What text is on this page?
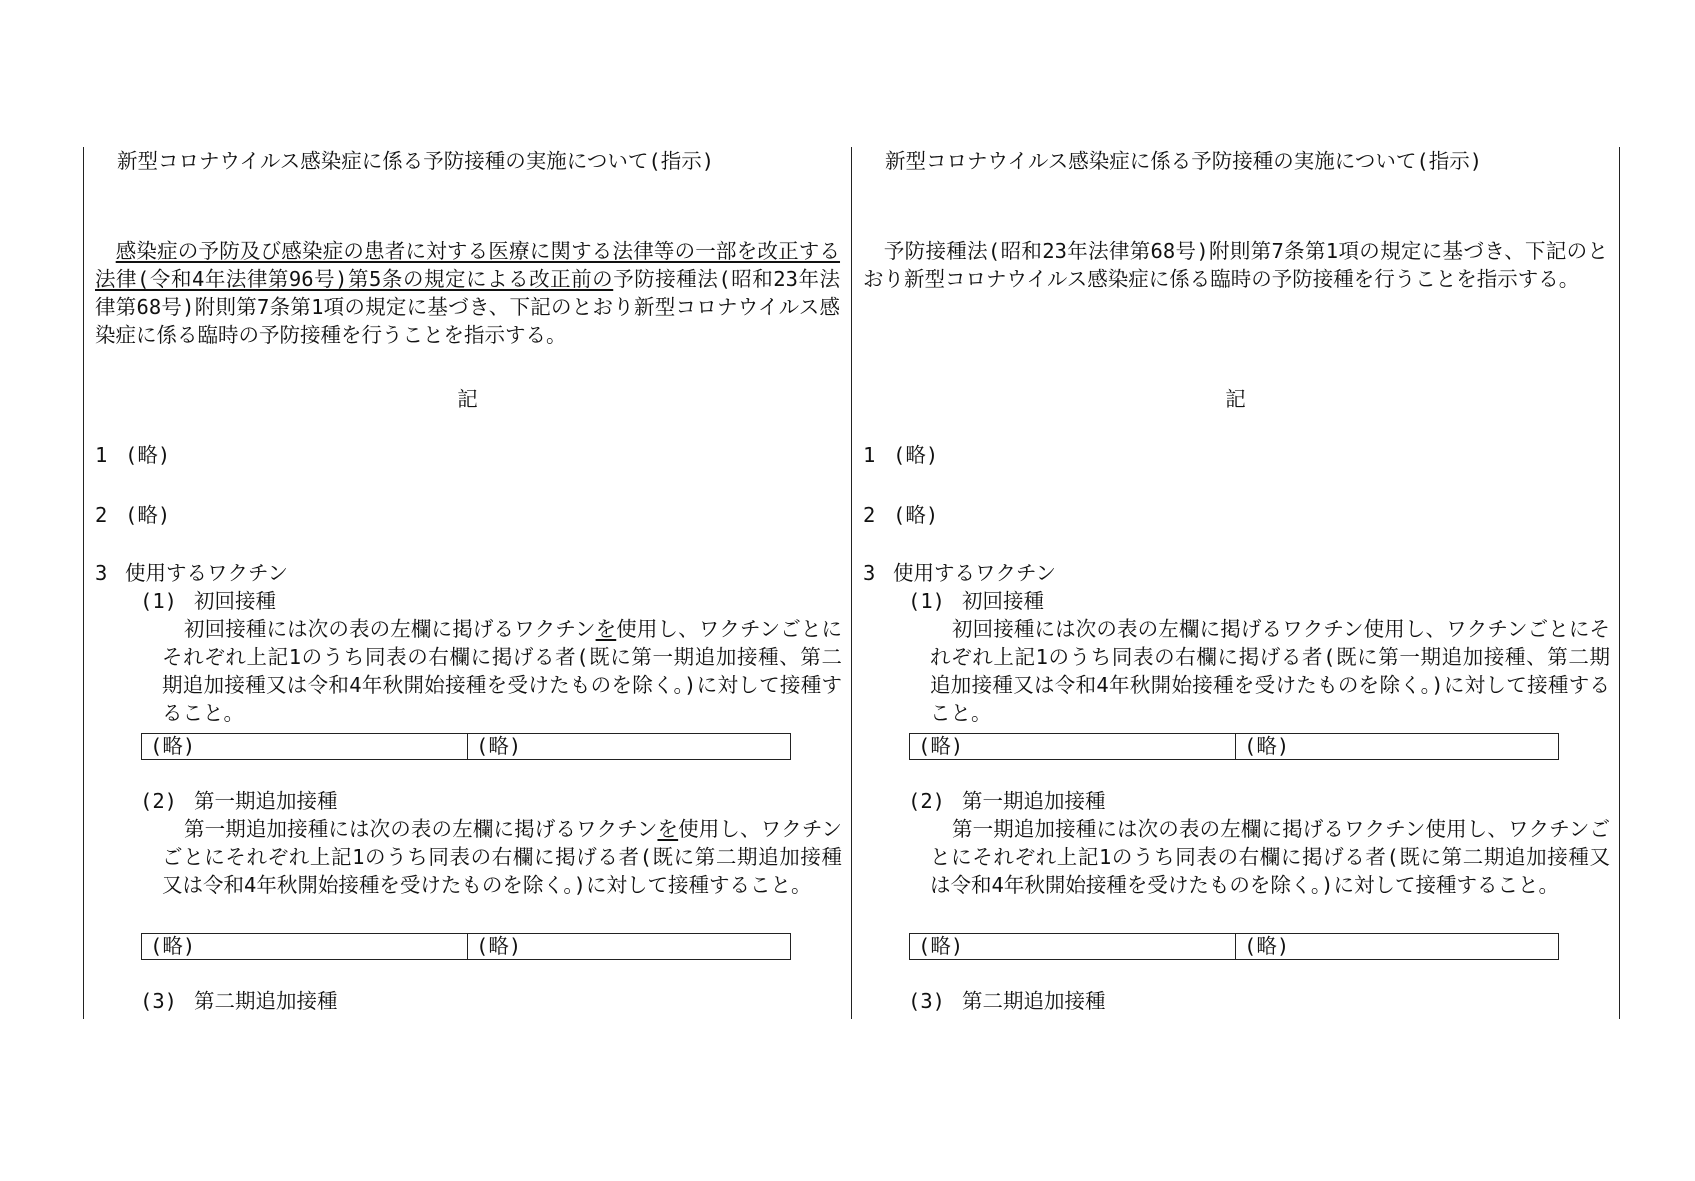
新型コロナウイルス感染症に係る予防接種の実施について(指示)
　感染症の予防及び感染症の患者に対する医療に関する法律等の一部を改正する法律(令和4年法律第96号)第5条の規定による改正前の予防接種法(昭和23年法律第68号)附則第7条第1項の規定に基づき、下記のとおり新型コロナウイルス感染症に係る臨時の予防接種を行うことを指示する。
記
1 (略)
2 (略)
3 使用するワクチン
(1) 初回接種
初回接種には次の表の左欄に掲げるワクチンを使用し、ワクチンごとにそれぞれ上記1のうち同表の右欄に掲げる者(既に第一期追加接種、第二期追加接種又は令和4年秋開始接種を受けたものを除く。)に対して接種すること。
(略)	(略)
(2) 第一期追加接種
第一期追加接種には次の表の左欄に掲げるワクチンを使用し、ワクチンごとにそれぞれ上記1のうち同表の右欄に掲げる者(既に第二期追加接種又は令和4年秋開始接種を受けたものを除く。)に対して接種すること。
(略)	(略)
(3) 第二期追加接種
新型コロナウイルス感染症に係る予防接種の実施について(指示)
　予防接種法(昭和23年法律第68号)附則第7条第1項の規定に基づき、下記のとおり新型コロナウイルス感染症に係る臨時の予防接種を行うことを指示する。
記
1 (略)
2 (略)
3 使用するワクチン
(1) 初回接種
初回接種には次の表の左欄に掲げるワクチン使用し、ワクチンごとにそれぞれ上記1のうち同表の右欄に掲げる者(既に第一期追加接種、第二期追加接種又は令和4年秋開始接種を受けたものを除く。)に対して接種すること。
(略)	(略)
(2) 第一期追加接種
第一期追加接種には次の表の左欄に掲げるワクチン使用し、ワクチンごとにそれぞれ上記1のうち同表の右欄に掲げる者(既に第二期追加接種又は令和4年秋開始接種を受けたものを除く。)に対して接種すること。
(略)	(略)
(3) 第二期追加接種
